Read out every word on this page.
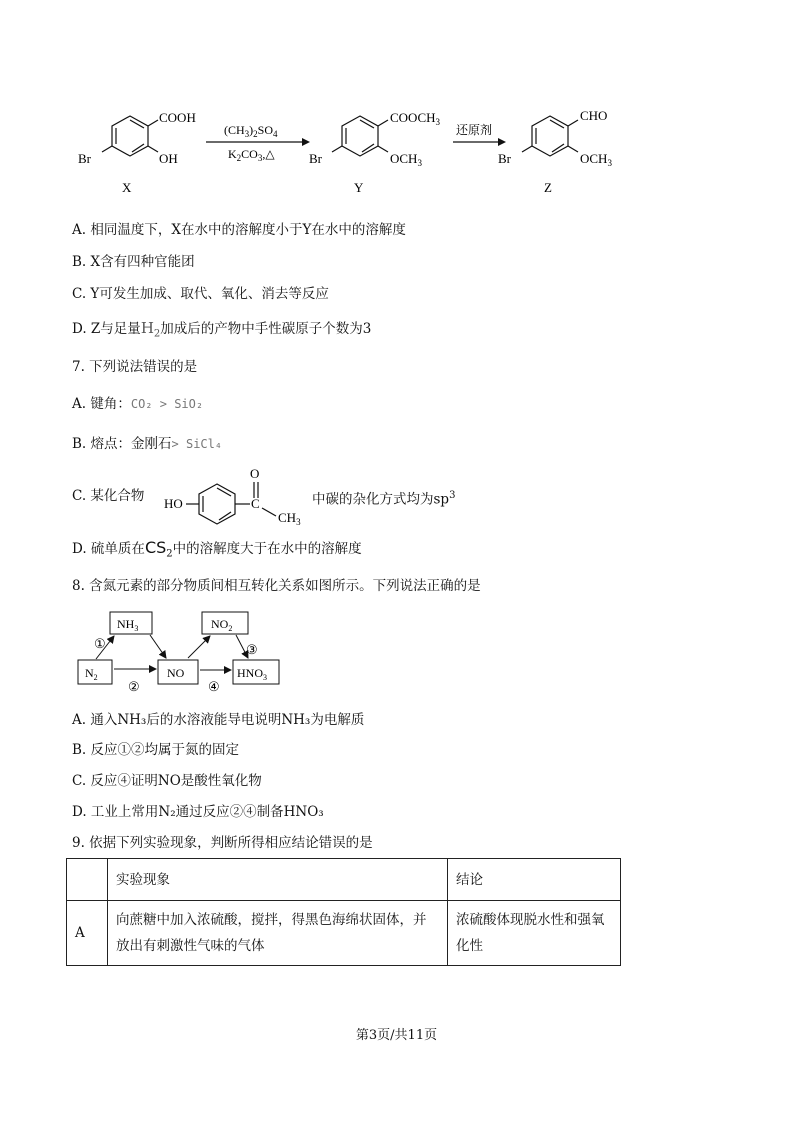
COOH
Br	OH
X
$(CH_3)_2SO_4$
$K_2CO_3,\triangle$
$COOCH_3$
Br	$OCH_3$
Y
还原剂
CHO
Br	$OCH_3$
Z
A. 相同温度下，X在水中的溶解度小于Y在水中的溶解度
B. X含有四种官能团
C. Y可发生加成、取代、氧化、消去等反应
D. Z与足量$H_2$加成后的产物中手性碳原子个数为3
7. 下列说法错误的是
A. 键角：CO₂ > SiO₂
B. 熔点：金刚石> SiCl₄
C. 某化合物 HO
O
C
$CH_3$
中碳的杂化方式均为$sp^3$
D. 硫单质在$CS_2$中的溶解度大于在水中的溶解度
8. 含氮元素的部分物质间相互转化关系如图所示。下列说法正确的是
$NH_3$	$NO_2$
$N_2$	NO	$HNO_3$
①
②
③
④
A. 通入NH₃后的水溶液能导电说明NH₃为电解质
B. 反应①②均属于氮的固定
C. 反应④证明NO是酸性氧化物
D. 工业上常用N₂通过反应②④制备HNO₃
9. 依据下列实验现象，判断所得相应结论错误的是
	实验现象	结论
A	向蔗糖中加入浓硫酸，搅拌，得黑色海绵状固体，并放出有刺激性气味的气体	浓硫酸体现脱水性和强氧化性
第3页/共11页
